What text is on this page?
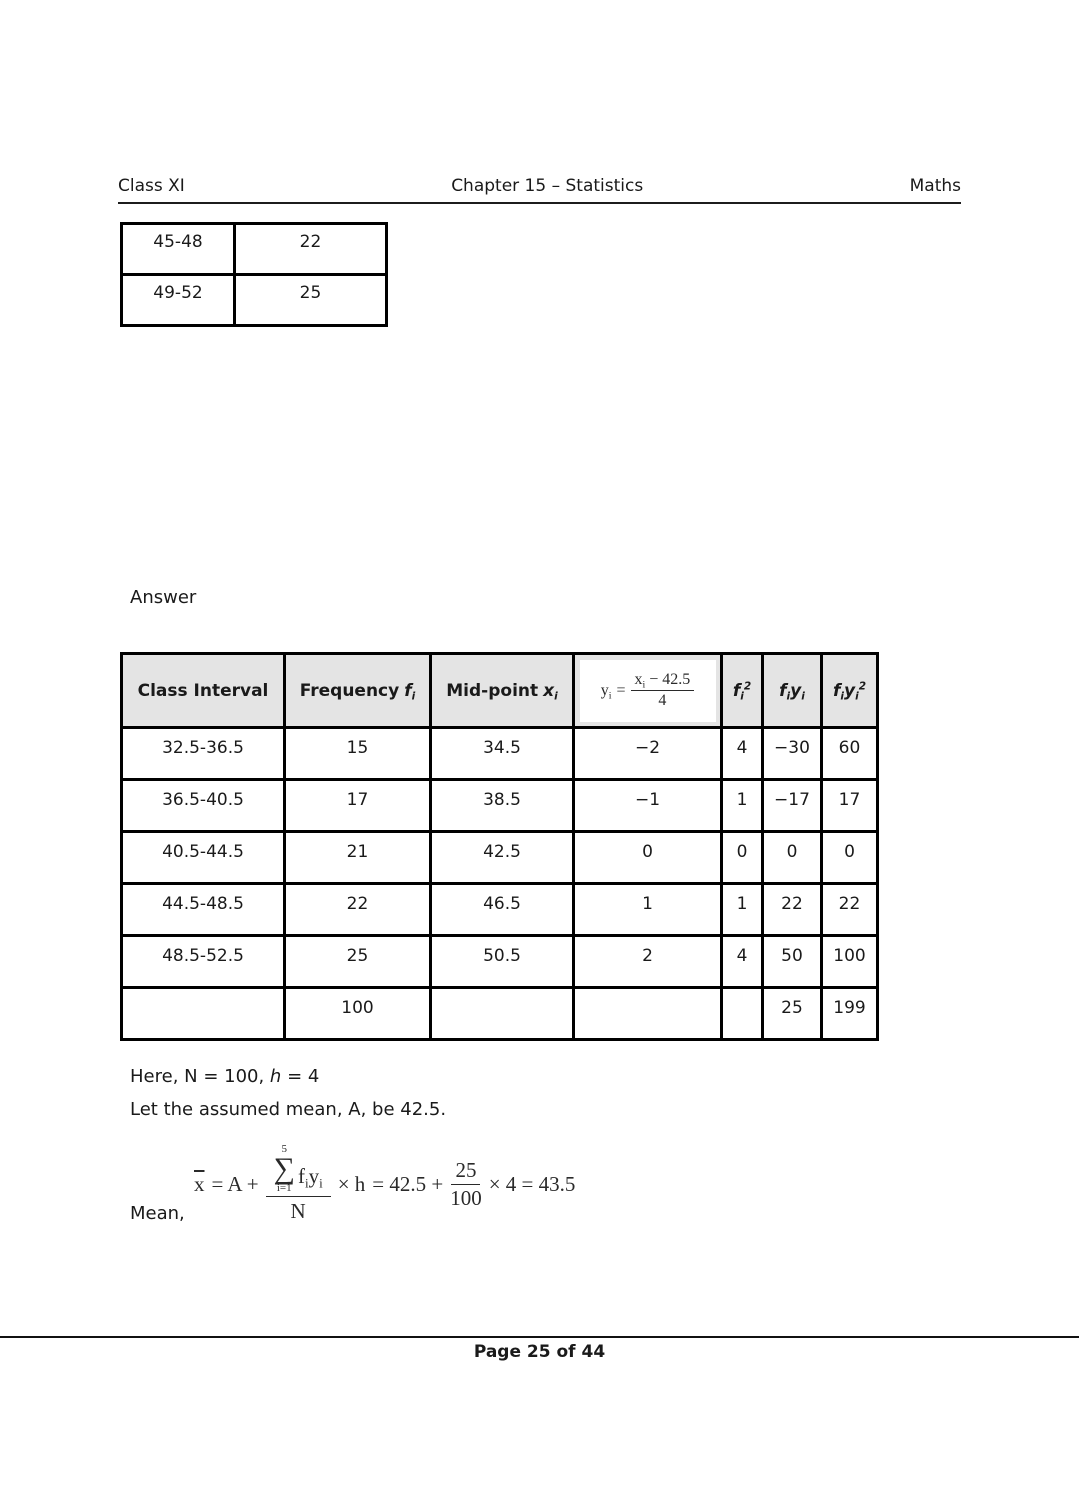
Class XI	Chapter 15 – Statistics	Maths
45-48	22
49-52	25
Answer
Class Interval	Frequency $f_i$	Mid-point $x_i$	$y_i = \frac{x_i - 42.5}{4}$	$f_i^2$	$f_iy_i$	$f_iy_i^2$
32.5-36.5	15	34.5	−2	4	−30	60
36.5-40.5	17	38.5	−1	1	−17	17
40.5-44.5	21	42.5	0	0	0	0
44.5-48.5	22	46.5	1	1	22	22
48.5-52.5	25	50.5	2	4	50	100
	100				25	199
Here, N = 100, h = 4
Let the assumed mean, A, be 42.5.
Mean,
$\overline{x} = A$ +
5
∑
i=1
$f_iy_i$
N
× $h = 42.5 + \frac{25}{100} \times 4 = 43.5$
Page 25 of 44
